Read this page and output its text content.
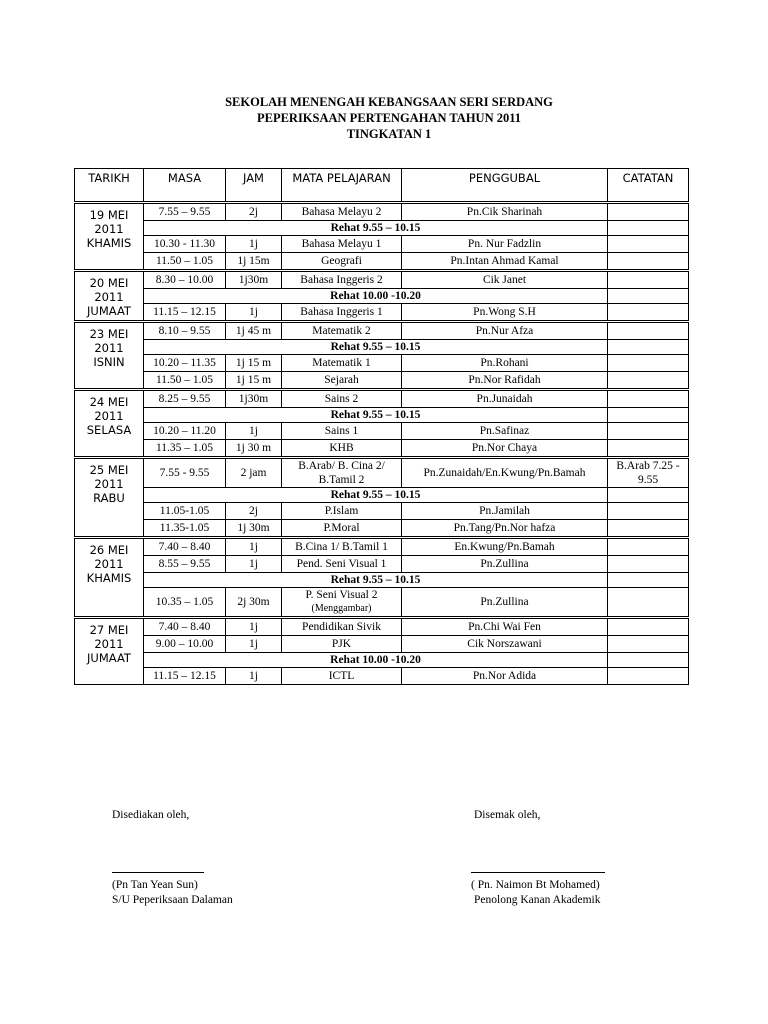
SEKOLAH MENENGAH KEBANGSAAN SERI SERDANG
PEPERIKSAAN PERTENGAHAN TAHUN 2011
TINGKATAN 1
TARIKH	MASA	JAM	MATA PELAJARAN	PENGGUBAL	CATATAN

19 MEI
2011
KHAMIS	7.55 – 9.55	2j	Bahasa Melayu 2	Pn.Cik Sharinah	
	Rehat 9.55 – 10.15				
	10.30 - 11.30	1j	Bahasa Melayu 1	Pn. Nur Fadzlin	
	11.50 – 1.05	1j 15m	Geografi	Pn.Intan Ahmad Kamal	

20 MEI
2011
JUMAAT	8.30 – 10.00	1j30m	Bahasa Inggeris 2	Cik Janet	
	Rehat 10.00 -10.20				
	11.15 – 12.15	1j	Bahasa Inggeris 1	Pn.Wong S.H	

23 MEI
2011
ISNIN	8.10 – 9.55	1j 45 m	Matematik 2	Pn.Nur Afza	
	Rehat 9.55 – 10.15				
	10.20 – 11.35	1j 15 m	Matematik 1	Pn.Rohani	
	11.50 – 1.05	1j 15 m	Sejarah	Pn.Nor Rafidah	

24 MEI
2011
SELASA	8.25 – 9.55	1j30m	Sains 2	Pn.Junaidah	
	Rehat 9.55 – 10.15				
	10.20 – 11.20	1j	Sains 1	Pn.Safinaz	
	11.35 – 1.05	1j 30 m	KHB	Pn.Nor Chaya	

25 MEI
2011
RABU	7.55 - 9.55	2 jam	B.Arab/ B. Cina 2/ B.Tamil 2	Pn.Zunaidah/En.Kwung/Pn.Bamah	B.Arab 7.25 - 9.55
	Rehat 9.55 – 10.15				
	11.05-1.05	2j	P.Islam	Pn.Jamilah	
	11.35-1.05	1j 30m	P.Moral	Pn.Tang/Pn.Nor hafza	

26 MEI
2011
KHAMIS	7.40 – 8.40	1j	B.Cina 1/ B.Tamil 1	En.Kwung/Pn.Bamah	
	8.55 – 9.55	1j	Pend. Seni Visual 1	Pn.Zullina	
	Rehat 9.55 – 10.15				
	10.35 – 1.05	2j 30m	P. Seni Visual 2
(Menggambar)	Pn.Zullina	

27 MEI
2011
JUMAAT	7.40 – 8.40	1j	Pendidikan Sivik	Pn.Chi Wai Fen	
	9.00 – 10.00	1j	PJK	Cik Norszawani	
	Rehat 10.00 -10.20				
	11.15 – 12.15	1j	ICTL	Pn.Nor Adida	
Disediakan oleh,
(Pn Tan Yean Sun)
S/U Peperiksaan Dalaman
Disemak oleh,
( Pn. Naimon Bt Mohamed)
Penolong Kanan Akademik
